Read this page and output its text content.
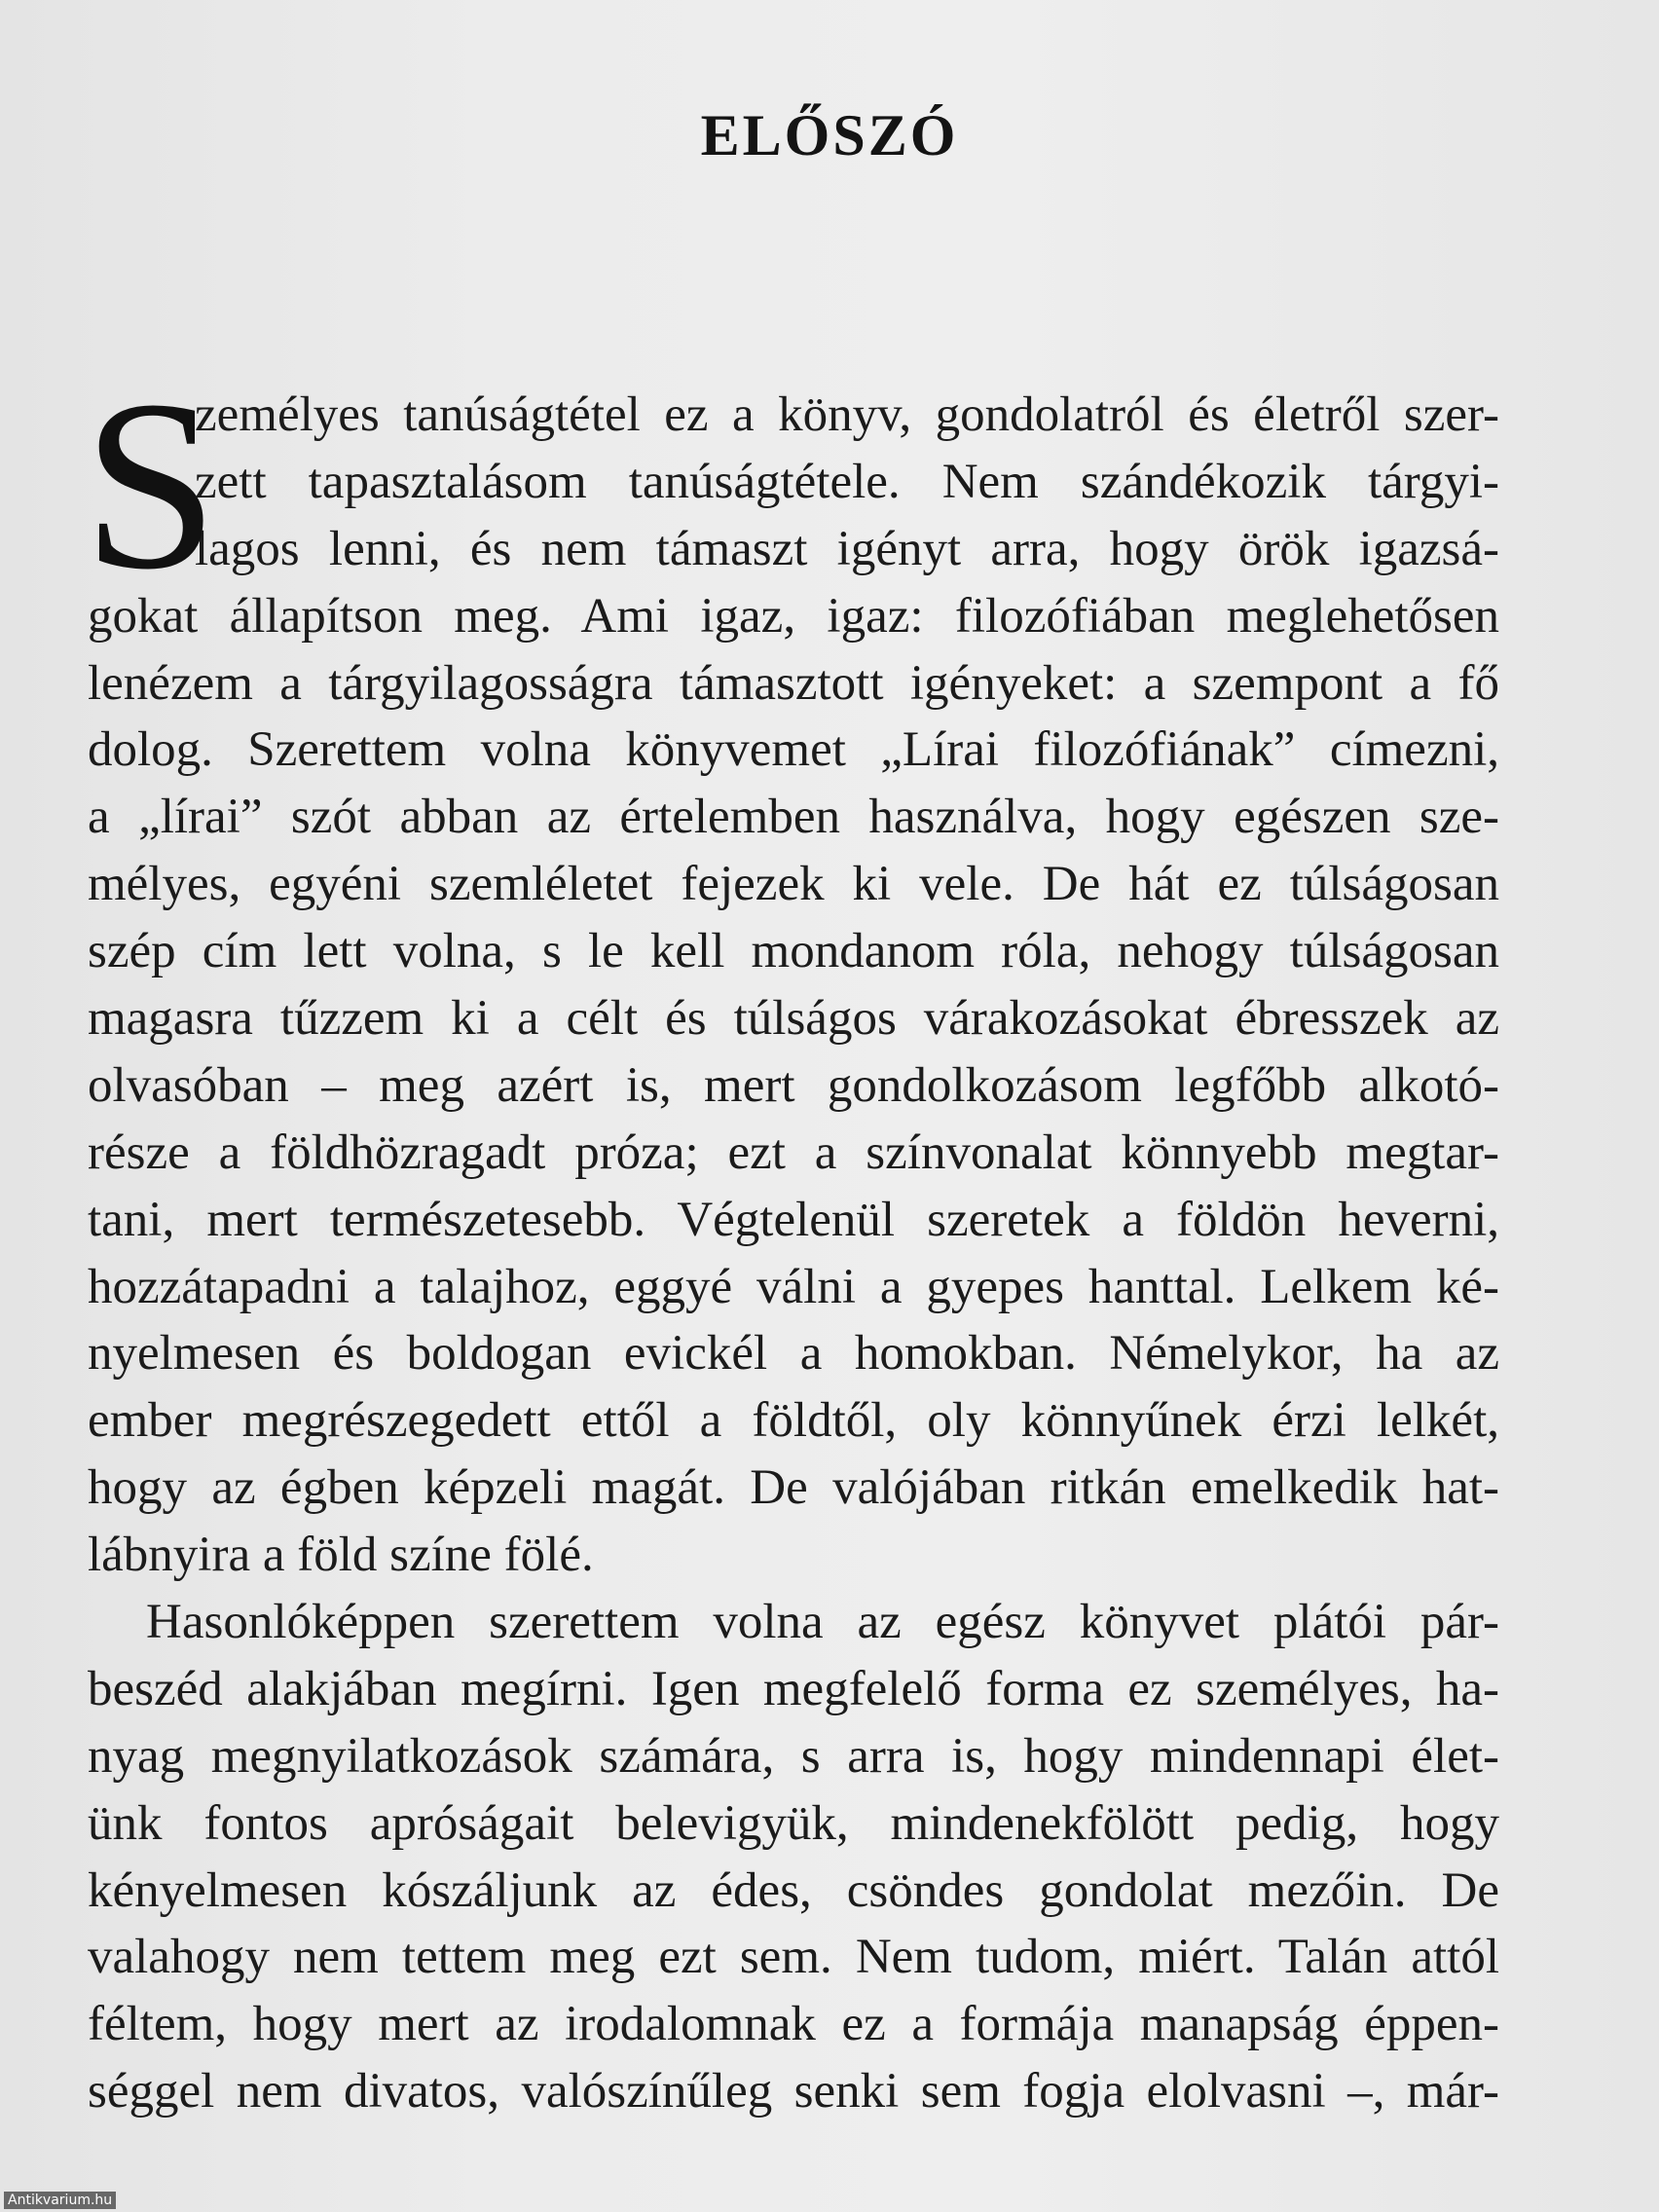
ELŐSZÓ
S
zemélyes tanúságtétel ez a könyv, gondolatról és életről szer-
zett tapasztalásom tanúságtétele. Nem szándékozik tárgyi-
lagos lenni, és nem támaszt igényt arra, hogy örök igazsá-
gokat állapítson meg. Ami igaz, igaz: filozófiában meglehetősen
lenézem a tárgyilagosságra támasztott igényeket: a szempont a fő
dolog. Szerettem volna könyvemet „Lírai filozófiának” címezni,
a „lírai” szót abban az értelemben használva, hogy egészen sze-
mélyes, egyéni szemléletet fejezek ki vele. De hát ez túlságosan
szép cím lett volna, s le kell mondanom róla, nehogy túlságosan
magasra tűzzem ki a célt és túlságos várakozásokat ébresszek az
olvasóban – meg azért is, mert gondolkozásom legfőbb alkotó-
része a földhözragadt próza; ezt a színvonalat könnyebb megtar-
tani, mert természetesebb. Végtelenül szeretek a földön heverni,
hozzátapadni a talajhoz, eggyé válni a gyepes hanttal. Lelkem ké-
nyelmesen és boldogan evickél a homokban. Némelykor, ha az
ember megrészegedett ettől a földtől, oly könnyűnek érzi lelkét,
hogy az égben képzeli magát. De valójában ritkán emelkedik hat-
lábnyira a föld színe fölé.
Hasonlóképpen szerettem volna az egész könyvet plátói pár-
beszéd alakjában megírni. Igen megfelelő forma ez személyes, ha-
nyag megnyilatkozások számára, s arra is, hogy mindennapi élet-
ünk fontos apróságait belevigyük, mindenekfölött pedig, hogy
kényelmesen kószáljunk az édes, csöndes gondolat mezőin. De
valahogy nem tettem meg ezt sem. Nem tudom, miért. Talán attól
féltem, hogy mert az irodalomnak ez a formája manapság éppen-
séggel nem divatos, valószínűleg senki sem fogja elolvasni –, már-
Antikvarium.hu
